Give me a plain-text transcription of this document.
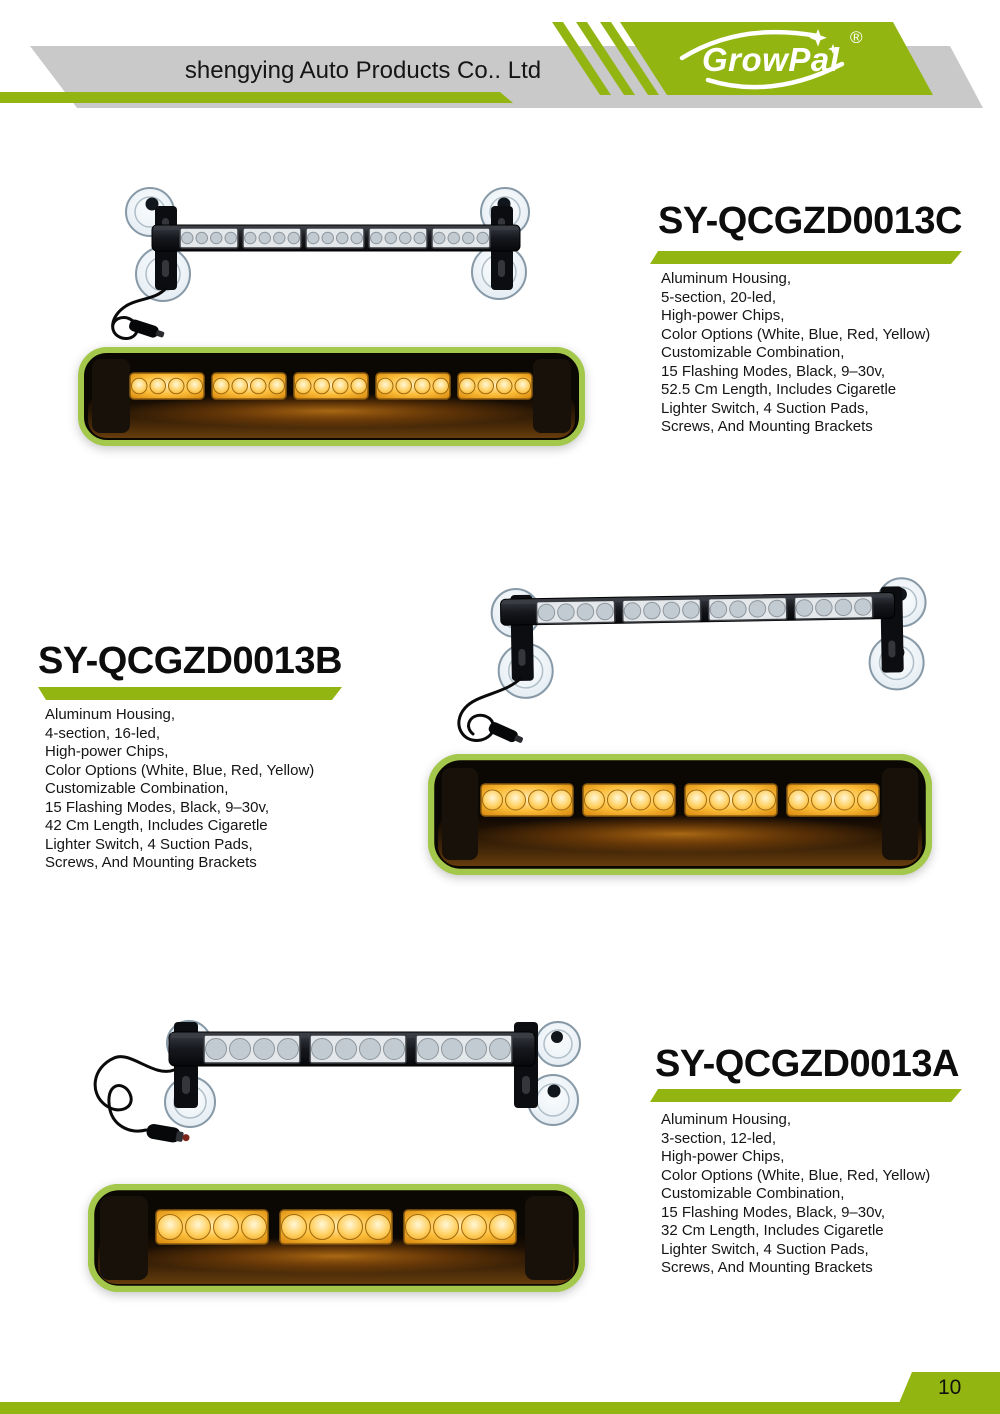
shengying Auto Products Co.. Ltd	GrowPal
®
SY-QCGZD0013C
Aluminum Housing,
5-section, 20-led,
High-power Chips,
Color Options (White, Blue, Red, Yellow)
Customizable Combination,
15 Flashing Modes, Black, 9–30v,
52.5 Cm Length, Includes Cigaretle
Lighter Switch, 4 Suction Pads,
Screws, And Mounting Brackets
SY-QCGZD0013B
Aluminum Housing,
4-section, 16-led,
High-power Chips,
Color Options (White, Blue, Red, Yellow)
Customizable Combination,
15 Flashing Modes, Black, 9–30v,
42 Cm Length, Includes Cigaretle
Lighter Switch, 4 Suction Pads,
Screws, And Mounting Brackets
SY-QCGZD0013A
Aluminum Housing,
3-section, 12-led,
High-power Chips,
Color Options (White, Blue, Red, Yellow)
Customizable Combination,
15 Flashing Modes, Black, 9–30v,
32 Cm Length, Includes Cigaretle
Lighter Switch, 4 Suction Pads,
Screws, And Mounting Brackets
10
